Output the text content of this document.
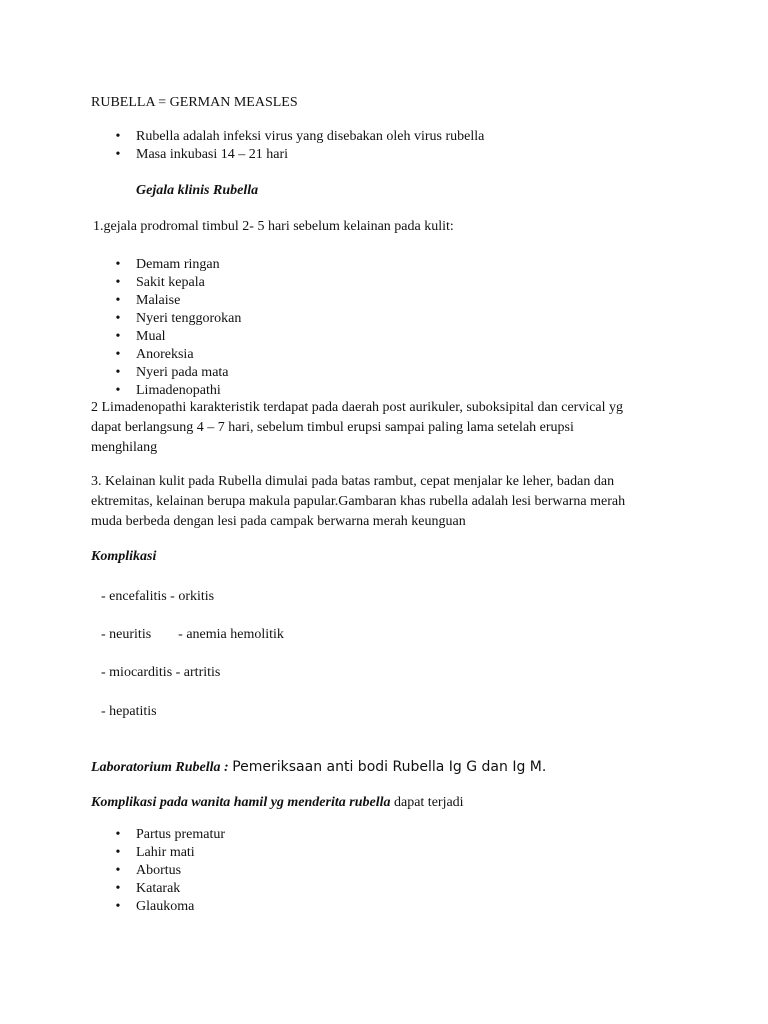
RUBELLA = GERMAN MEASLES
• Rubella adalah infeksi virus yang disebakan oleh virus rubella
• Masa inkubasi 14 – 21 hari
Gejala klinis Rubella
1.gejala prodromal timbul 2- 5 hari sebelum kelainan pada kulit:
• Demam ringan
• Sakit kepala
• Malaise
• Nyeri tenggorokan
• Mual
• Anoreksia
• Nyeri pada mata
• Limadenopathi
2 Limadenopathi karakteristik terdapat pada daerah post aurikuler, suboksipital dan cervical yg
dapat berlangsung 4 – 7 hari, sebelum timbul erupsi sampai paling lama setelah erupsi
menghilang
3. Kelainan kulit pada Rubella dimulai pada batas rambut, cepat menjalar ke leher, badan dan
ektremitas, kelainan berupa makula papular.Gambaran khas rubella adalah lesi berwarna merah
muda berbeda dengan lesi pada campak berwarna merah keunguan
Komplikasi
- encefalitis - orkitis
- neuritis - anemia hemolitik
- miocarditis - artritis
- hepatitis
Laboratorium Rubella : Pemeriksaan anti bodi Rubella Ig G dan Ig M.
Komplikasi pada wanita hamil yg menderita rubella dapat terjadi
• Partus prematur
• Lahir mati
• Abortus
• Katarak
• Glaukoma
